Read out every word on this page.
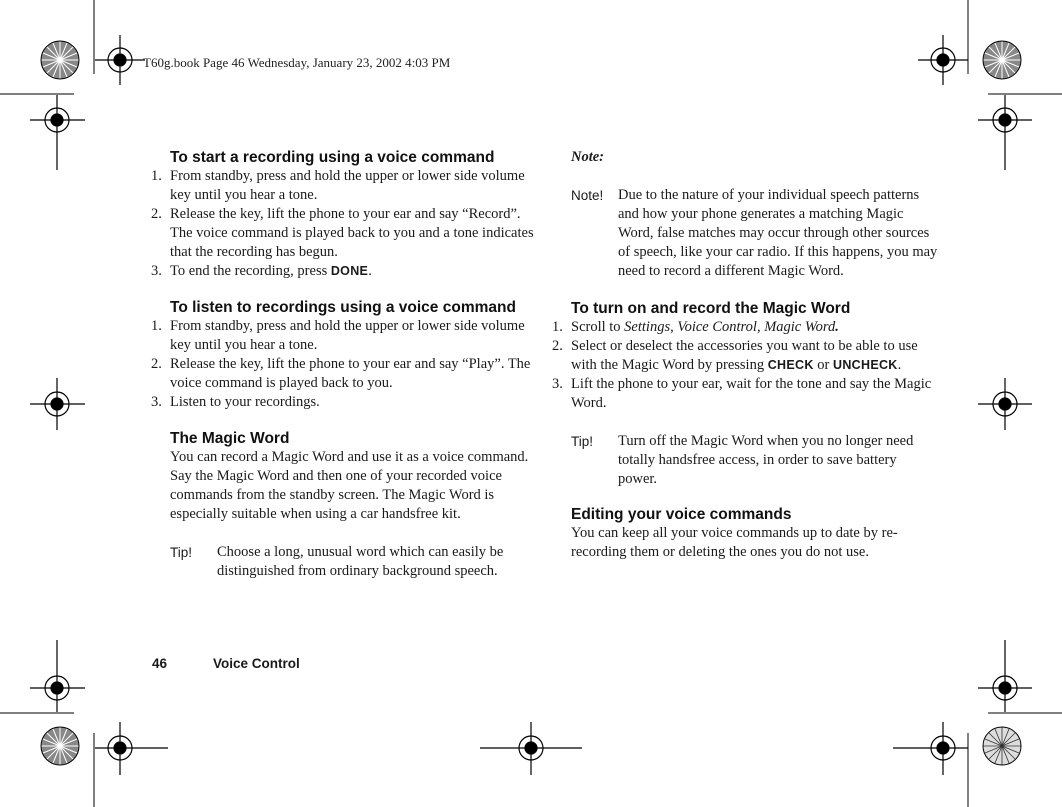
T60g.book Page 46 Wednesday, January 23, 2002 4:03 PM
To start a recording using a voice command
1. From standby, press and hold the upper or lower side volume key until you hear a tone.
2. Release the key, lift the phone to your ear and say “Record”. The voice command is played back to you and a tone indicates that the recording has begun.
3. To end the recording, press DONE.
To listen to recordings using a voice command
1. From standby, press and hold the upper or lower side volume key until you hear a tone.
2. Release the key, lift the phone to your ear and say “Play”. The voice command is played back to you.
3. Listen to your recordings.
The Magic Word

You can record a Magic Word and use it as a voice command. Say the Magic Word and then one of your recorded voice commands from the standby screen. The Magic Word is especially suitable when using a car handsfree kit.

Tip!	Choose a long, unusual word which can easily be distinguished from ordinary background speech.
Note:
Note!	Due to the nature of your individual speech patterns and how your phone generates a matching Magic Word, false matches may occur through other sources of speech, like your car radio. If this happens, you may need to record a different Magic Word.
To turn on and record the Magic Word
1. Scroll to Settings, Voice Control, Magic Word.
2. Select or deselect the accessories you want to be able to use with the Magic Word by pressing CHECK or UNCHECK.
3. Lift the phone to your ear, wait for the tone and say the Magic Word.
Tip!	Turn off the Magic Word when you no longer need totally handsfree access, in order to save battery power.
Editing your voice commands

You can keep all your voice commands up to date by re-recording them or deleting the ones you do not use.

46	Voice Control
